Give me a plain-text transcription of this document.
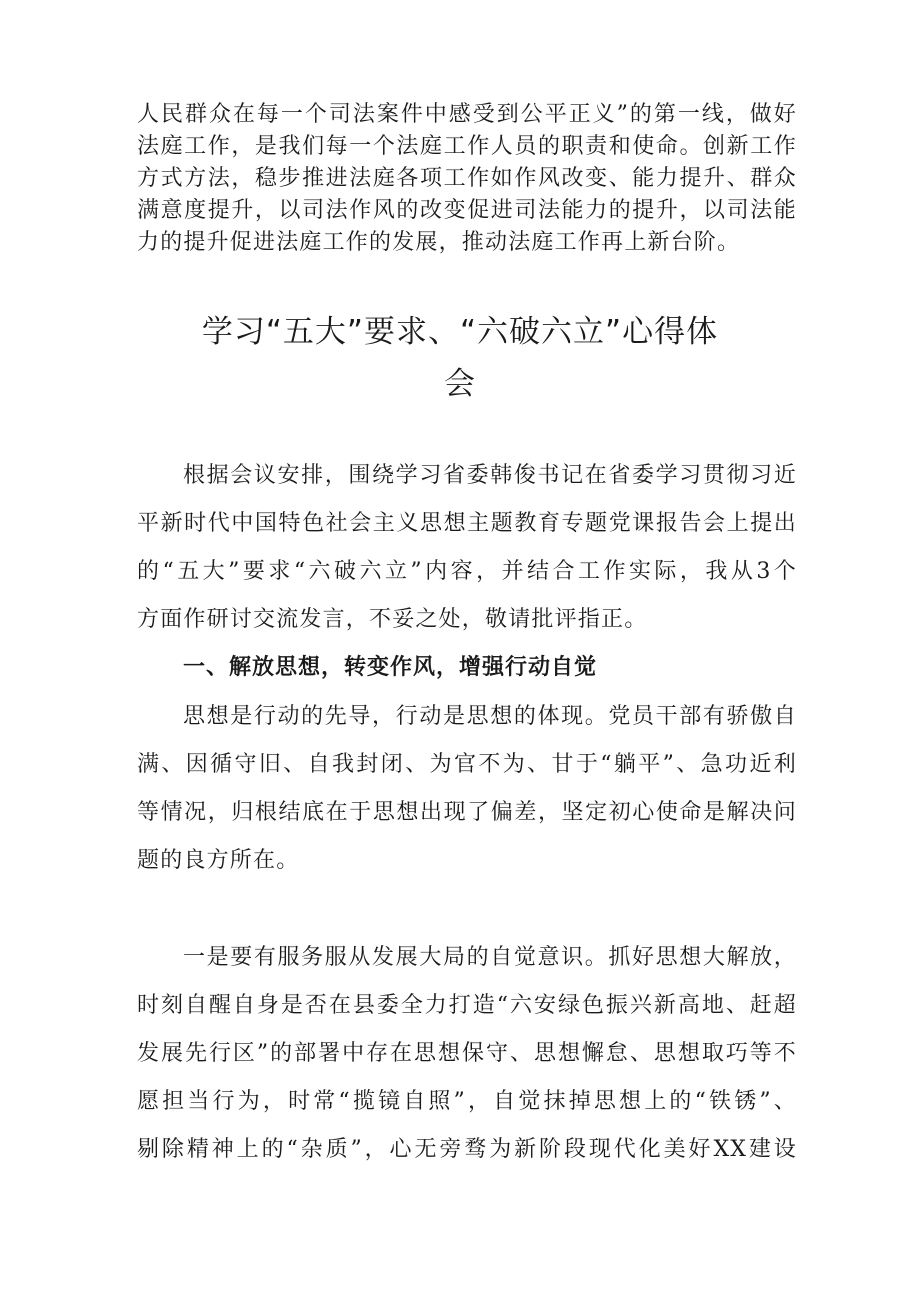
人民群众在每一个司法案件中感受到公平正义”的第一线，做好
法庭工作，是我们每一个法庭工作人员的职责和使命。创新工作
方式方法，稳步推进法庭各项工作如作风改变、能力提升、群众
满意度提升，以司法作风的改变促进司法能力的提升，以司法能
力的提升促进法庭工作的发展，推动法庭工作再上新台阶。
学习“五大”要求、“六破六立”心得体
会
根据会议安排，围绕学习省委韩俊书记在省委学习贯彻习近
平新时代中国特色社会主义思想主题教育专题党课报告会上提出
的“五大”要求“六破六立”内容，并结合工作实际，我从3个
方面作研讨交流发言，不妥之处，敬请批评指正。
一、解放思想，转变作风，增强行动自觉
思想是行动的先导，行动是思想的体现。党员干部有骄傲自
满、因循守旧、自我封闭、为官不为、甘于“躺平”、急功近利
等情况，归根结底在于思想出现了偏差，坚定初心使命是解决问
题的良方所在。
一是要有服务服从发展大局的自觉意识。抓好思想大解放，
时刻自醒自身是否在县委全力打造“六安绿色振兴新高地、赶超
发展先行区”的部署中存在思想保守、思想懈怠、思想取巧等不
愿担当行为，时常“揽镜自照”，自觉抹掉思想上的“铁锈”、
剔除精神上的“杂质”，心无旁骛为新阶段现代化美好XX建设
